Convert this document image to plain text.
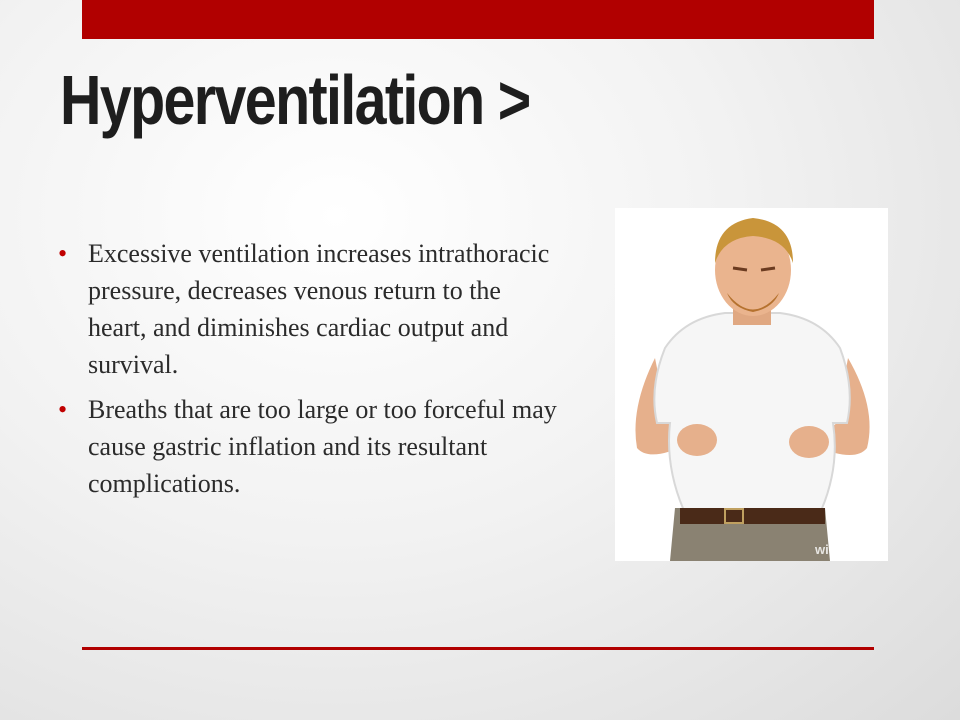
Hyperventilation >
• Excessive ventilation increases intrathoracic pressure, decreases venous return to the heart, and diminishes cardiac output and survival.
• Breaths that are too large or too forceful may cause gastric inflation and its resultant complications.
wiseGEEK
